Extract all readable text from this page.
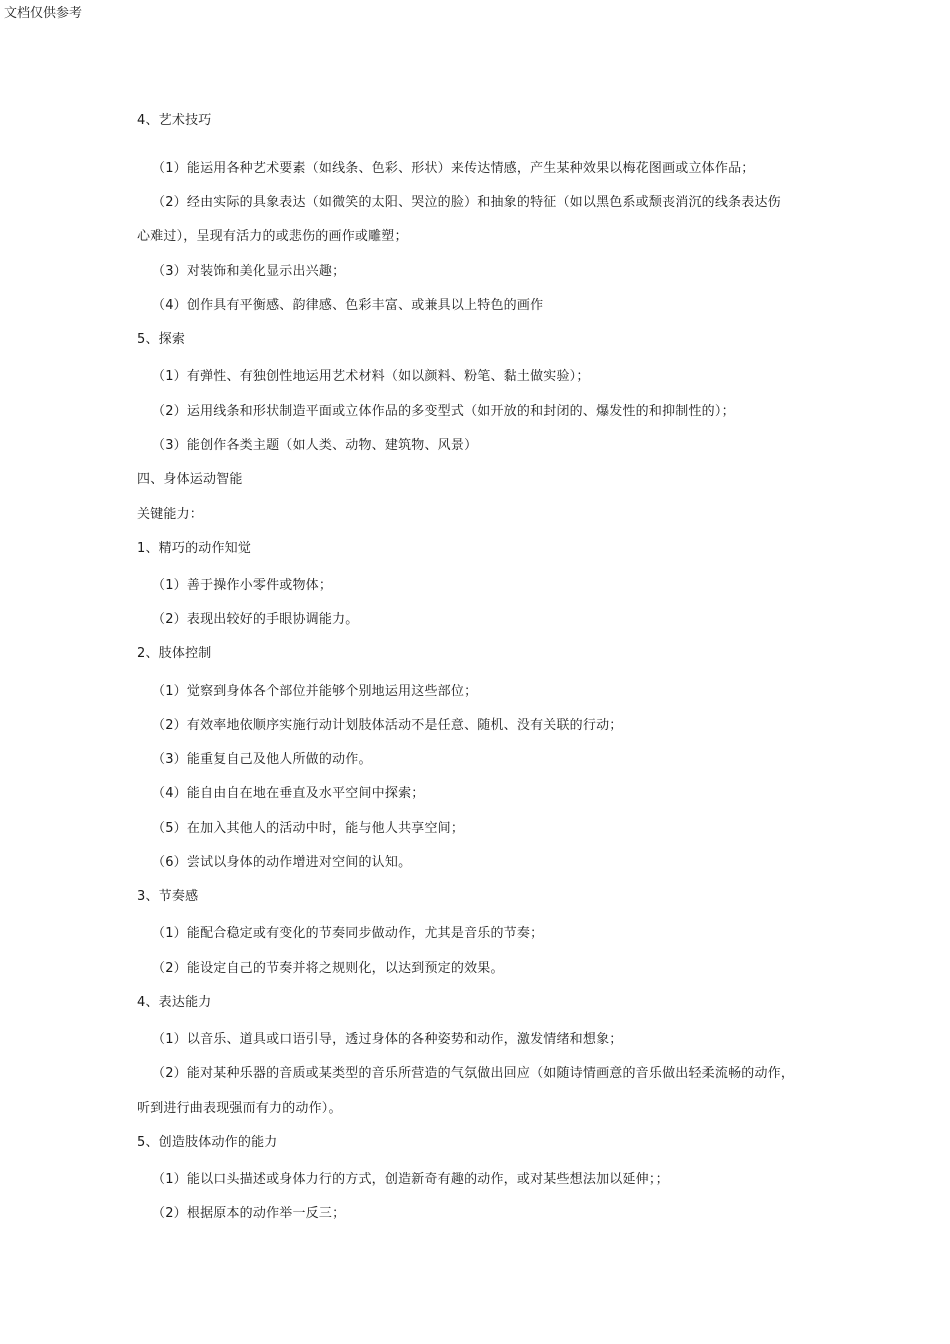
文档仅供参考
4、艺术技巧
（1）能运用各种艺术要素（如线条、色彩、形状）来传达情感，产生某种效果以梅花图画或立体作品；
（2）经由实际的具象表达（如微笑的太阳、哭泣的脸）和抽象的特征（如以黑色系或颓丧消沉的线条表达伤
心难过），呈现有活力的或悲伤的画作或雕塑；
（3）对装饰和美化显示出兴趣；
（4）创作具有平衡感、韵律感、色彩丰富、或兼具以上特色的画作
5、探索
（1）有弹性、有独创性地运用艺术材料（如以颜料、粉笔、黏土做实验）；
（2）运用线条和形状制造平面或立体作品的多变型式（如开放的和封闭的、爆发性的和抑制性的）；
（3）能创作各类主题（如人类、动物、建筑物、风景）
四、身体运动智能
关键能力：
1、精巧的动作知觉
（1）善于操作小零件或物体；
（2）表现出较好的手眼协调能力。
2、肢体控制
（1）觉察到身体各个部位并能够个别地运用这些部位；
（2）有效率地依顺序实施行动计划肢体活动不是任意、随机、没有关联的行动；
（3）能重复自己及他人所做的动作。
（4）能自由自在地在垂直及水平空间中探索；
（5）在加入其他人的活动中时，能与他人共享空间；
（6）尝试以身体的动作增进对空间的认知。
3、节奏感
（1）能配合稳定或有变化的节奏同步做动作，尤其是音乐的节奏；
（2）能设定自己的节奏并将之规则化，以达到预定的效果。
4、表达能力
（1）以音乐、道具或口语引导，透过身体的各种姿势和动作，激发情绪和想象；
（2）能对某种乐器的音质或某类型的音乐所营造的气氛做出回应（如随诗情画意的音乐做出轻柔流畅的动作，
听到进行曲表现强而有力的动作）。
5、创造肢体动作的能力
（1）能以口头描述或身体力行的方式，创造新奇有趣的动作，或对某些想法加以延伸；；
（2）根据原本的动作举一反三；
